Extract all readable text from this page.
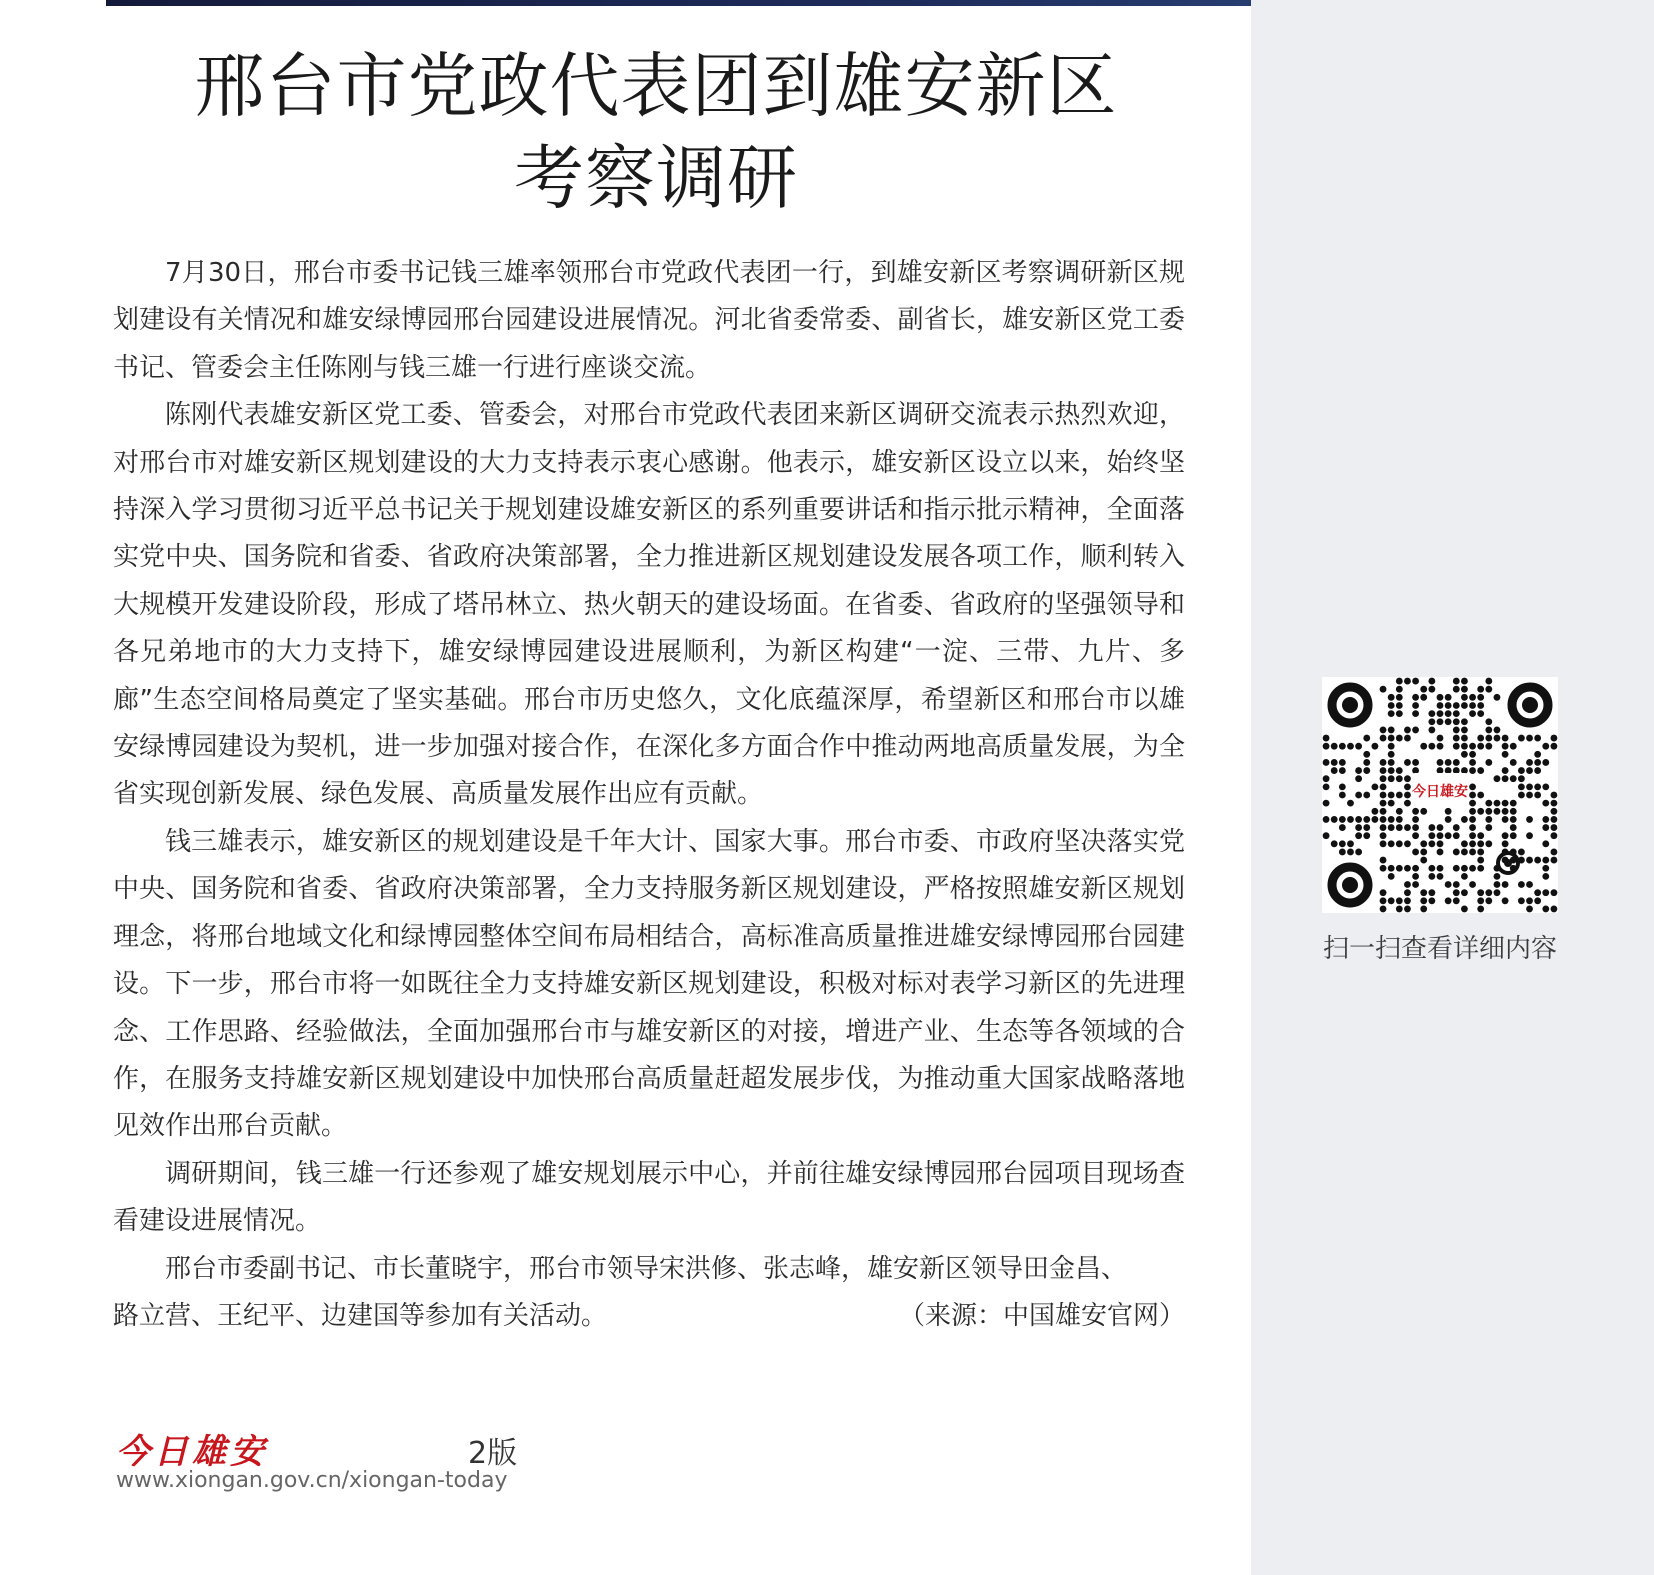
邢台市党政代表团到雄安新区
考察调研

7月30日，邢台市委书记钱三雄率领邢台市党政代表团一行，到雄安新区考察调研新区规划建设有关情况和雄安绿博园邢台园建设进展情况。河北省委常委、副省长，雄安新区党工委书记、管委会主任陈刚与钱三雄一行进行座谈交流。

陈刚代表雄安新区党工委、管委会，对邢台市党政代表团来新区调研交流表示热烈欢迎，对邢台市对雄安新区规划建设的大力支持表示衷心感谢。他表示，雄安新区设立以来，始终坚持深入学习贯彻习近平总书记关于规划建设雄安新区的系列重要讲话和指示批示精神，全面落实党中央、国务院和省委、省政府决策部署，全力推进新区规划建设发展各项工作，顺利转入大规模开发建设阶段，形成了塔吊林立、热火朝天的建设场面。在省委、省政府的坚强领导和各兄弟地市的大力支持下，雄安绿博园建设进展顺利，为新区构建“一淀、三带、九片、多廊”生态空间格局奠定了坚实基础。邢台市历史悠久，文化底蕴深厚，希望新区和邢台市以雄安绿博园建设为契机，进一步加强对接合作，在深化多方面合作中推动两地高质量发展，为全省实现创新发展、绿色发展、高质量发展作出应有贡献。

钱三雄表示，雄安新区的规划建设是千年大计、国家大事。邢台市委、市政府坚决落实党中央、国务院和省委、省政府决策部署，全力支持服务新区规划建设，严格按照雄安新区规划理念，将邢台地域文化和绿博园整体空间布局相结合，高标准高质量推进雄安绿博园邢台园建设。下一步，邢台市将一如既往全力支持雄安新区规划建设，积极对标对表学习新区的先进理念、工作思路、经验做法，全面加强邢台市与雄安新区的对接，增进产业、生态等各领域的合作，在服务支持雄安新区规划建设中加快邢台高质量赶超发展步伐，为推动重大国家战略落地见效作出邢台贡献。

调研期间，钱三雄一行还参观了雄安规划展示中心，并前往雄安绿博园邢台园项目现场查看建设进展情况。

邢台市委副书记、市长董晓宇，邢台市领导宋洪修、张志峰，雄安新区领导田金昌、

路立营、王纪平、边建国等参加有关活动。	（来源：中国雄安官网）
今日雄安	2版
www.xiongan.gov.cn/xiongan-today
今日雄安
扫一扫查看详细内容
